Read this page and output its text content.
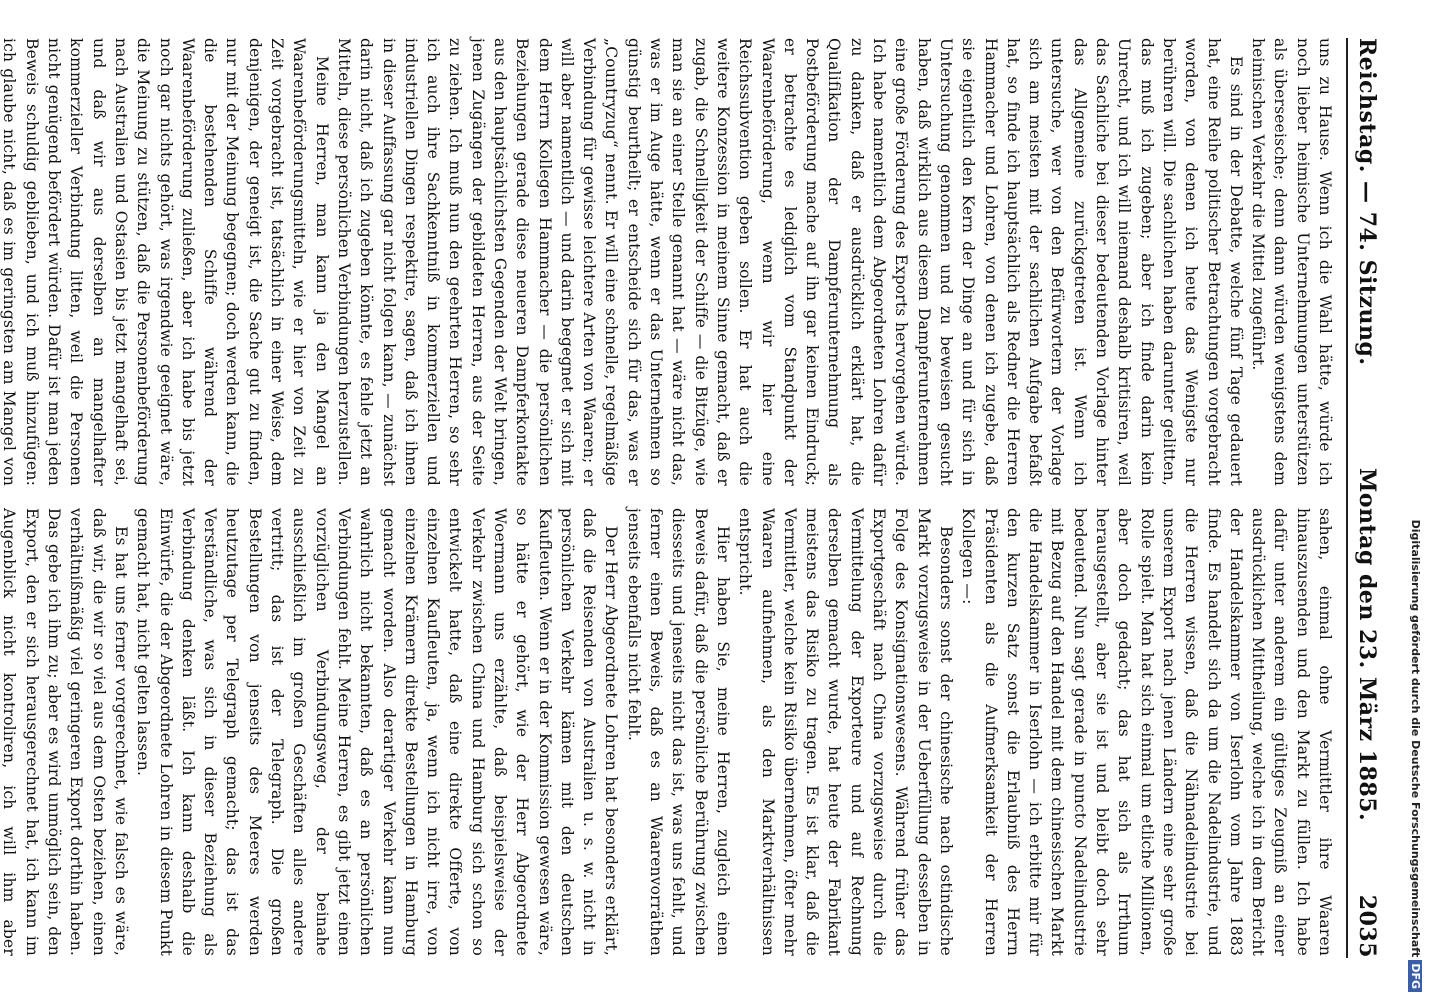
Reichstag. — 74. Sitzung.
Montag den 23. März 1885.
2035

uns zu Hause. Wenn ich die Wahl hätte, würde ich noch lieber heimische Unternehmungen unterstützen als überseeische; denn dann würden wenigstens dem heimischen Verkehr die Mittel zugeführt.

Es sind in der Debatte, welche fünf Tage gedauert hat, eine Reihe politischer Betrachtungen vorgebracht worden, von denen ich heute das Wenigste nur berühren will. Die sachlichen haben darunter gelitten, das muß ich zugeben; aber ich finde darin kein Unrecht, und ich will niemand deshalb kritisiren, weil das Sachliche bei dieser bedeutenden Vorlage hinter das Allgemeine zurückgetreten ist. Wenn ich untersuche, wer von den Befürwortern der Vorlage sich am meisten mit der sachlichen Aufgabe befaßt hat, so finde ich hauptsächlich als Redner die Herren Hammacher und Lohren, von denen ich zugebe, daß sie eigentlich den Kern der Dinge an und für sich in Untersuchung genommen und zu beweisen gesucht haben, daß wirklich aus diesem Dampferunternehmen eine große Förderung des Exports hervorgehen würde. Ich habe namentlich dem Abgeordneten Lohren dafür zu danken, daß er ausdrücklich erklärt hat, die Qualifikation der Dampferunternehmung als Postbeförderung mache auf ihn gar keinen Eindruck; er betrachte es lediglich vom Standpunkt der Waarenbeförderung, wenn wir hier eine Reichssubvention geben sollen. Er hat auch die weitere Konzession in meinem Sinne gemacht, daß er zugab, die Schnelligkeit der Schiffe — die Bitzüge, wie man sie an einer Stelle genannt hat — wäre nicht das, was er im Auge hätte, wenn er das Unternehmen so günstig beurtheilt; er entscheide sich für das, was er „Countryzug“ nennt. Er will eine schnelle, regelmäßige Verbindung für gewisse leichtere Arten von Waaren; er will aber namentlich — und darin begegnet er sich mit dem Herrn Kollegen Hammacher — die persönlichen Beziehungen gerade diese neueren Dampferkontakte aus den hauptsächlichsten Gegenden der Welt bringen, jenen Zugängen der gebildeten Herren, aus der Seite zu ziehen. Ich muß nun den geehrten Herren, so sehr ich auch ihre Sachkenntniß in kommerziellen und industriellen Dingen respektire, sagen, daß ich ihnen in dieser Auffassung gar nicht folgen kann, — zunächst darin nicht, daß ich zugeben könnte, es fehle jetzt an Mitteln, diese persönlichen Verbindungen herzustellen.

Meine Herren, man kann ja den Mangel an Waarenbeförderungsmitteln, wie er hier von Zeit zu Zeit vorgebracht ist, tatsächlich in einer Weise, dem denjenigen, der geneigt ist, die Sache gut zu finden, nur mit der Meinung begegnen; doch werden kann, die die bestehenden Schiffe während der Waarenbeförderung zuließen, aber ich habe bis jetzt noch gar nichts gehört, was irgendwie geeignet wäre, die Meinung zu stützen, daß die Personenbeförderung nach Australien und Ostasien bis jetzt mangelhaft sei, und daß wir aus derselben an mangelhafter kommerzieller Verbindung litten, weil die Personen nicht genügend befördert würden. Dafür ist man jeden Beweis schuldig geblieben, und ich muß hinzufügen: ich glaube nicht, daß es im geringsten am Mangel von

sahen, einmal ohne Vermittler ihre Waaren hinauszusenden und den Markt zu füllen. Ich habe dafür unter anderem ein gültiges Zeugniß an einer ausdrücklichen Mittheilung, welche ich in dem Bericht der Handelskammer von Iserlohn vom Jahre 1883 finde. Es handelt sich da um die Nadelindustrie, und die Herren wissen, daß die Nähnadelindustrie bei unserem Export nach jenen Ländern eine sehr große Rolle spielt. Man hat sich einmal um etliche Millionen, aber doch gedacht; das hat sich als Irrthum herausgestellt, aber sie ist und bleibt doch sehr bedeutend. Nun sagt gerade in puncto Nadelindustrie mit Bezug auf den Handel mit dem chinesischen Markt die Handelskammer in Iserlohn — ich erbitte mir für den kurzen Satz sonst die Erlaubniß des Herrn Präsidenten als die Aufmerksamkeit der Herren Kollegen —:

Besonders sonst der chinesische nach ostindische Markt vorzugsweise in der Ueberfüllung desselben in Folge des Konsignationswesens. Während früher das Exportgeschäft nach China vorzugsweise durch die Vermittelung der Exporteure und auf Rechnung derselben gemacht wurde, hat heute der Fabrikant meistens das Risiko zu tragen. Es ist klar, daß die Vermittler, welche kein Risiko übernehmen, öfter mehr Waaren aufnehmen, als den Marktverhältnissen entspricht.

Hier haben Sie, meine Herren, zugleich einen Beweis dafür, daß die persönliche Berührung zwischen diesseits und jenseits nicht das ist, was uns fehlt, und ferner einen Beweis, daß es an Waarenvorräthen jenseits ebenfalls nicht fehlt.

Der Herr Abgeordnete Lohren hat besonders erklärt, daß die Reisenden von Australien u. s. w. nicht in persönlichen Verkehr kämen mit den deutschen Kaufleuten. Wenn er in der Kommission gewesen wäre, so hätte er gehört, wie der Herr Abgeordnete Woermann uns erzählte, daß beispielsweise der Verkehr zwischen China und Hamburg sich schon so entwickelt hatte, daß eine direkte Offerte, von einzelnen Kaufleuten, ja, wenn ich nicht irre, von einzelnen Krämern direkte Bestellungen in Hamburg gemacht worden. Also derartiger Verkehr kann nun wahrlich nicht bekannten, daß es an persönlichen Verbindungen fehlt. Meine Herren, es gibt jetzt einen vorzüglichen Verbindungsweg, der beinahe ausschließlich im großen Geschäften alles andere vertritt; das ist der Telegraph. Die großen Bestellungen von jenseits des Meeres werden heutzutage per Telegraph gemacht; das ist das Verständliche, was sich in dieser Beziehung als Verbindung denken läßt. Ich kann deshalb die Einwürfe, die der Abgeordnete Lohren in diesem Punkt gemacht hat, nicht gelten lassen.

Es hat uns ferner vorgerechnet, wie falsch es wäre, daß wir, die wir so viel aus dem Osten beziehen, einen verhältnißmäßig viel geringeren Export dorthin haben. Das gebe ich ihm zu; aber es wird unmöglich sein, den Export, den er sich herausgerechnet hat, ich kann im Augenblick nicht kontroliren, ich will ihm aber	Digitalisierung gefördert durch die Deutsche ForschungsgemeinschaftDFG
